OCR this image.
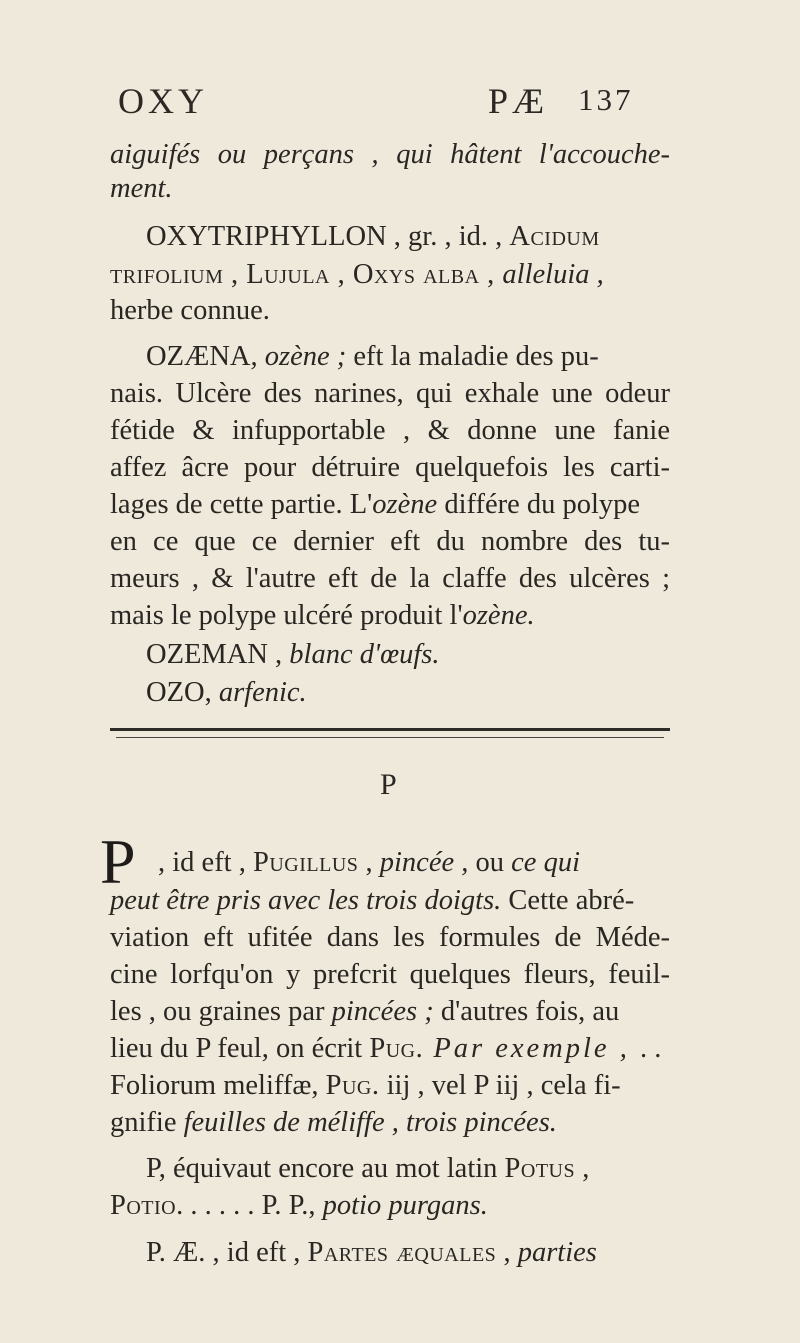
OXY	PÆ 137
aiguifés ou perçans , qui hâtent l'accouche-
ment.
OXYTRIPHYLLON , gr. , id. , Acidum
trifolium , Lujula , Oxys alba , alleluia ,
herbe connue.
OZÆNA, ozène ; eft la maladie des pu-
nais. Ulcère des narines, qui exhale une odeur
fétide & infupportable , & donne une fanie
affez âcre pour détruire quelquefois les carti-
lages de cette partie. L'ozène différe du polype
en ce que ce dernier eft du nombre des tu-
meurs , & l'autre eft de la claffe des ulcères ;
mais le polype ulcéré produit l'ozène.
OZEMAN , blanc d'œufs.
OZO, arfenic.
P
P , id eft , Pugillus , pincée , ou ce qui
peut être pris avec les trois doigts. Cette abré-
viation eft ufitée dans les formules de Méde-
cine lorfqu'on y prefcrit quelques fleurs, feuil-
les , ou graines par pincées ; d'autres fois, au
lieu du P feul, on écrit Pug. Par exemple , . .
Foliorum meliffæ, Pug. iij , vel P iij , cela fi-
gnifie feuilles de méliffe , trois pincées.
P, équivaut encore au mot latin Potus ,
Potio. . . . . . P. P., potio purgans.
P. Æ. , id eft , Partes æquales , parties
